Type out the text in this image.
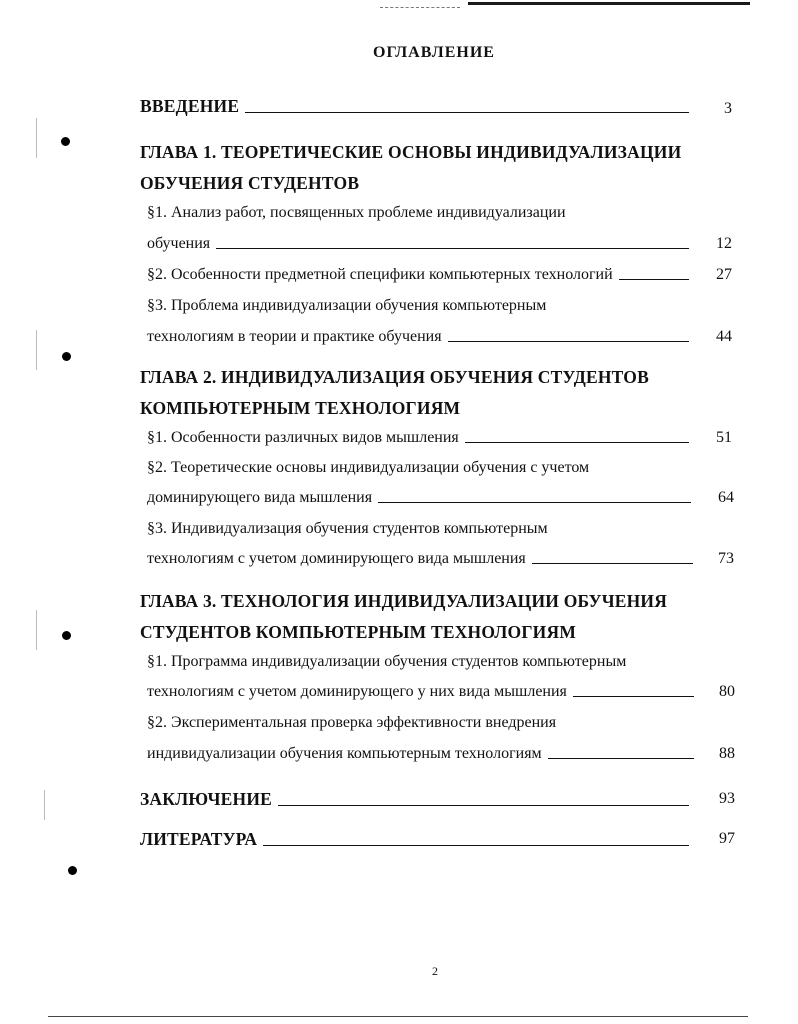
ОГЛАВЛЕНИЕ
ВВЕДЕНИЕ	3
ГЛАВА 1. ТЕОРЕТИЧЕСКИЕ ОСНОВЫ ИНДИВИДУАЛИЗАЦИИ
ОБУЧЕНИЯ СТУДЕНТОВ
§1. Анализ работ, посвященных проблеме индивидуализации
обучения	12
§2. Особенности предметной специфики компьютерных технологий	27
§3. Проблема индивидуализации обучения компьютерным
технологиям в теории и практике обучения	44
ГЛАВА 2. ИНДИВИДУАЛИЗАЦИЯ ОБУЧЕНИЯ СТУДЕНТОВ
КОМПЬЮТЕРНЫМ ТЕХНОЛОГИЯМ
§1. Особенности различных видов мышления	51
§2. Теоретические основы индивидуализации обучения с учетом
доминирующего вида мышления	64
§3. Индивидуализация обучения студентов компьютерным
технологиям с учетом доминирующего вида мышления	73
ГЛАВА 3. ТЕХНОЛОГИЯ ИНДИВИДУАЛИЗАЦИИ ОБУЧЕНИЯ
СТУДЕНТОВ КОМПЬЮТЕРНЫМ ТЕХНОЛОГИЯМ
§1. Программа индивидуализации обучения студентов компьютерным
технологиям с учетом доминирующего у них вида мышления	80
§2. Экспериментальная проверка эффективности внедрения
индивидуализации обучения компьютерным технологиям	88
ЗАКЛЮЧЕНИЕ	93
ЛИТЕРАТУРА	97
2
